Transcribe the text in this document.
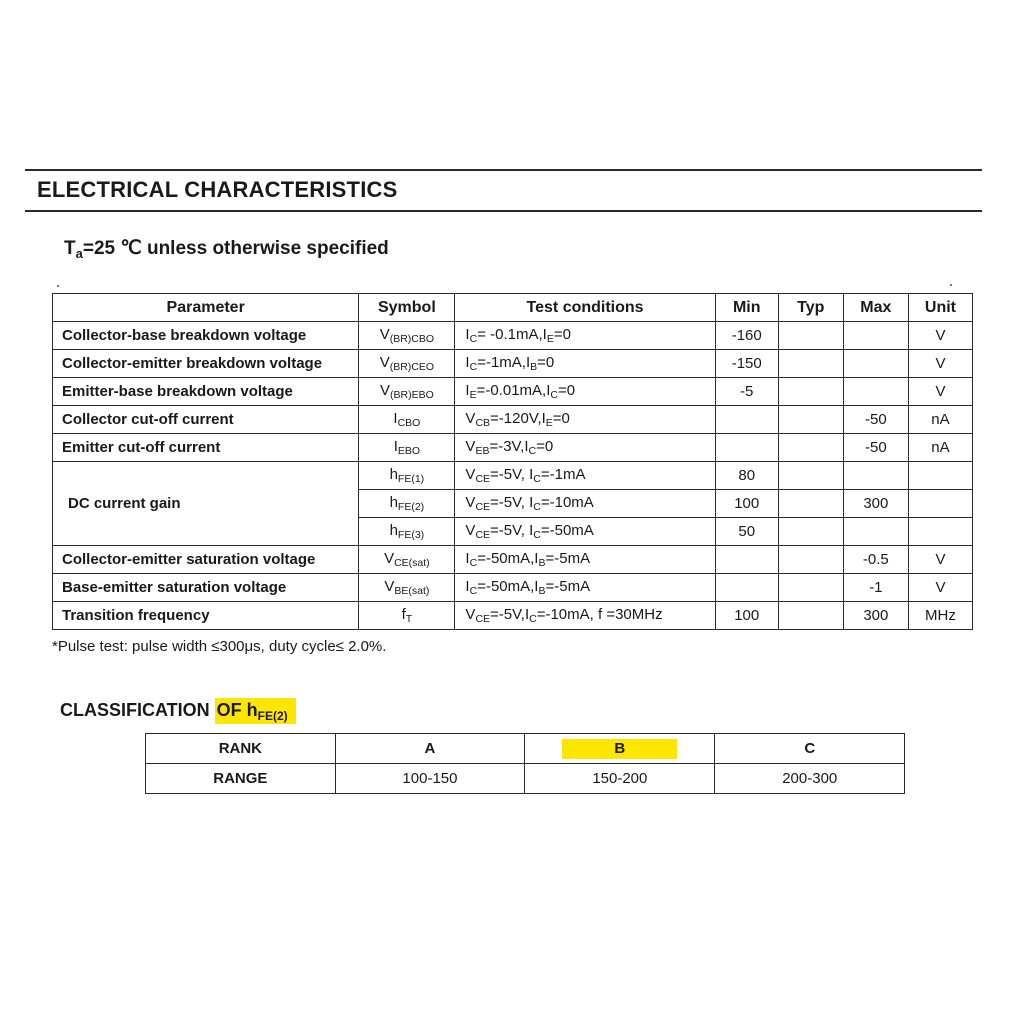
ELECTRICAL CHARACTERISTICS
$T_a=25$ ℃ unless otherwise specified
Parameter	Symbol	Test conditions	Min	Typ	Max	Unit
Collector-base breakdown voltage	$V_{(BR)CBO}$	$I_C= -0.1mA,I_E=0$	-160			V
Collector-emitter breakdown voltage	$V_{(BR)CEO}$	$I_C=-1mA,I_B=0$	-150			V
Emitter-base breakdown voltage	$V_{(BR)EBO}$	$I_E=-0.01mA,I_C=0$	-5			V
Collector cut-off current	$I_{CBO}$	$V_{CB}=-120V,I_E=0$			-50	nA
Emitter cut-off current	$I_{EBO}$	$V_{EB}=-3V,I_C=0$			-50	nA
DC current gain	$h_{FE(1)}$	$V_{CE}=-5V$, $I_C=-1mA$	80			
	$h_{FE(2)}$	$V_{CE}=-5V$, $I_C=-10mA$	100		300	
	$h_{FE(3)}$	$V_{CE}=-5V$, $I_C=-50mA$	50			
Collector-emitter saturation voltage	$V_{CE(sat)}$	$I_C=-50mA,I_B=-5mA$			-0.5	V
Base-emitter saturation voltage	$V_{BE(sat)}$	$I_C=-50mA,I_B=-5mA$			-1	V
Transition frequency	$f_T$	$V_{CE}=-5V,I_C=-10mA$, f =30MHz	100		300	MHz
*Pulse test: pulse width ≤300μs, duty cycle≤ 2.0%.
CLASSIFICATION OF $h_{FE(2)}$
RANK	A	B	C
RANGE	100-150	150-200	200-300
